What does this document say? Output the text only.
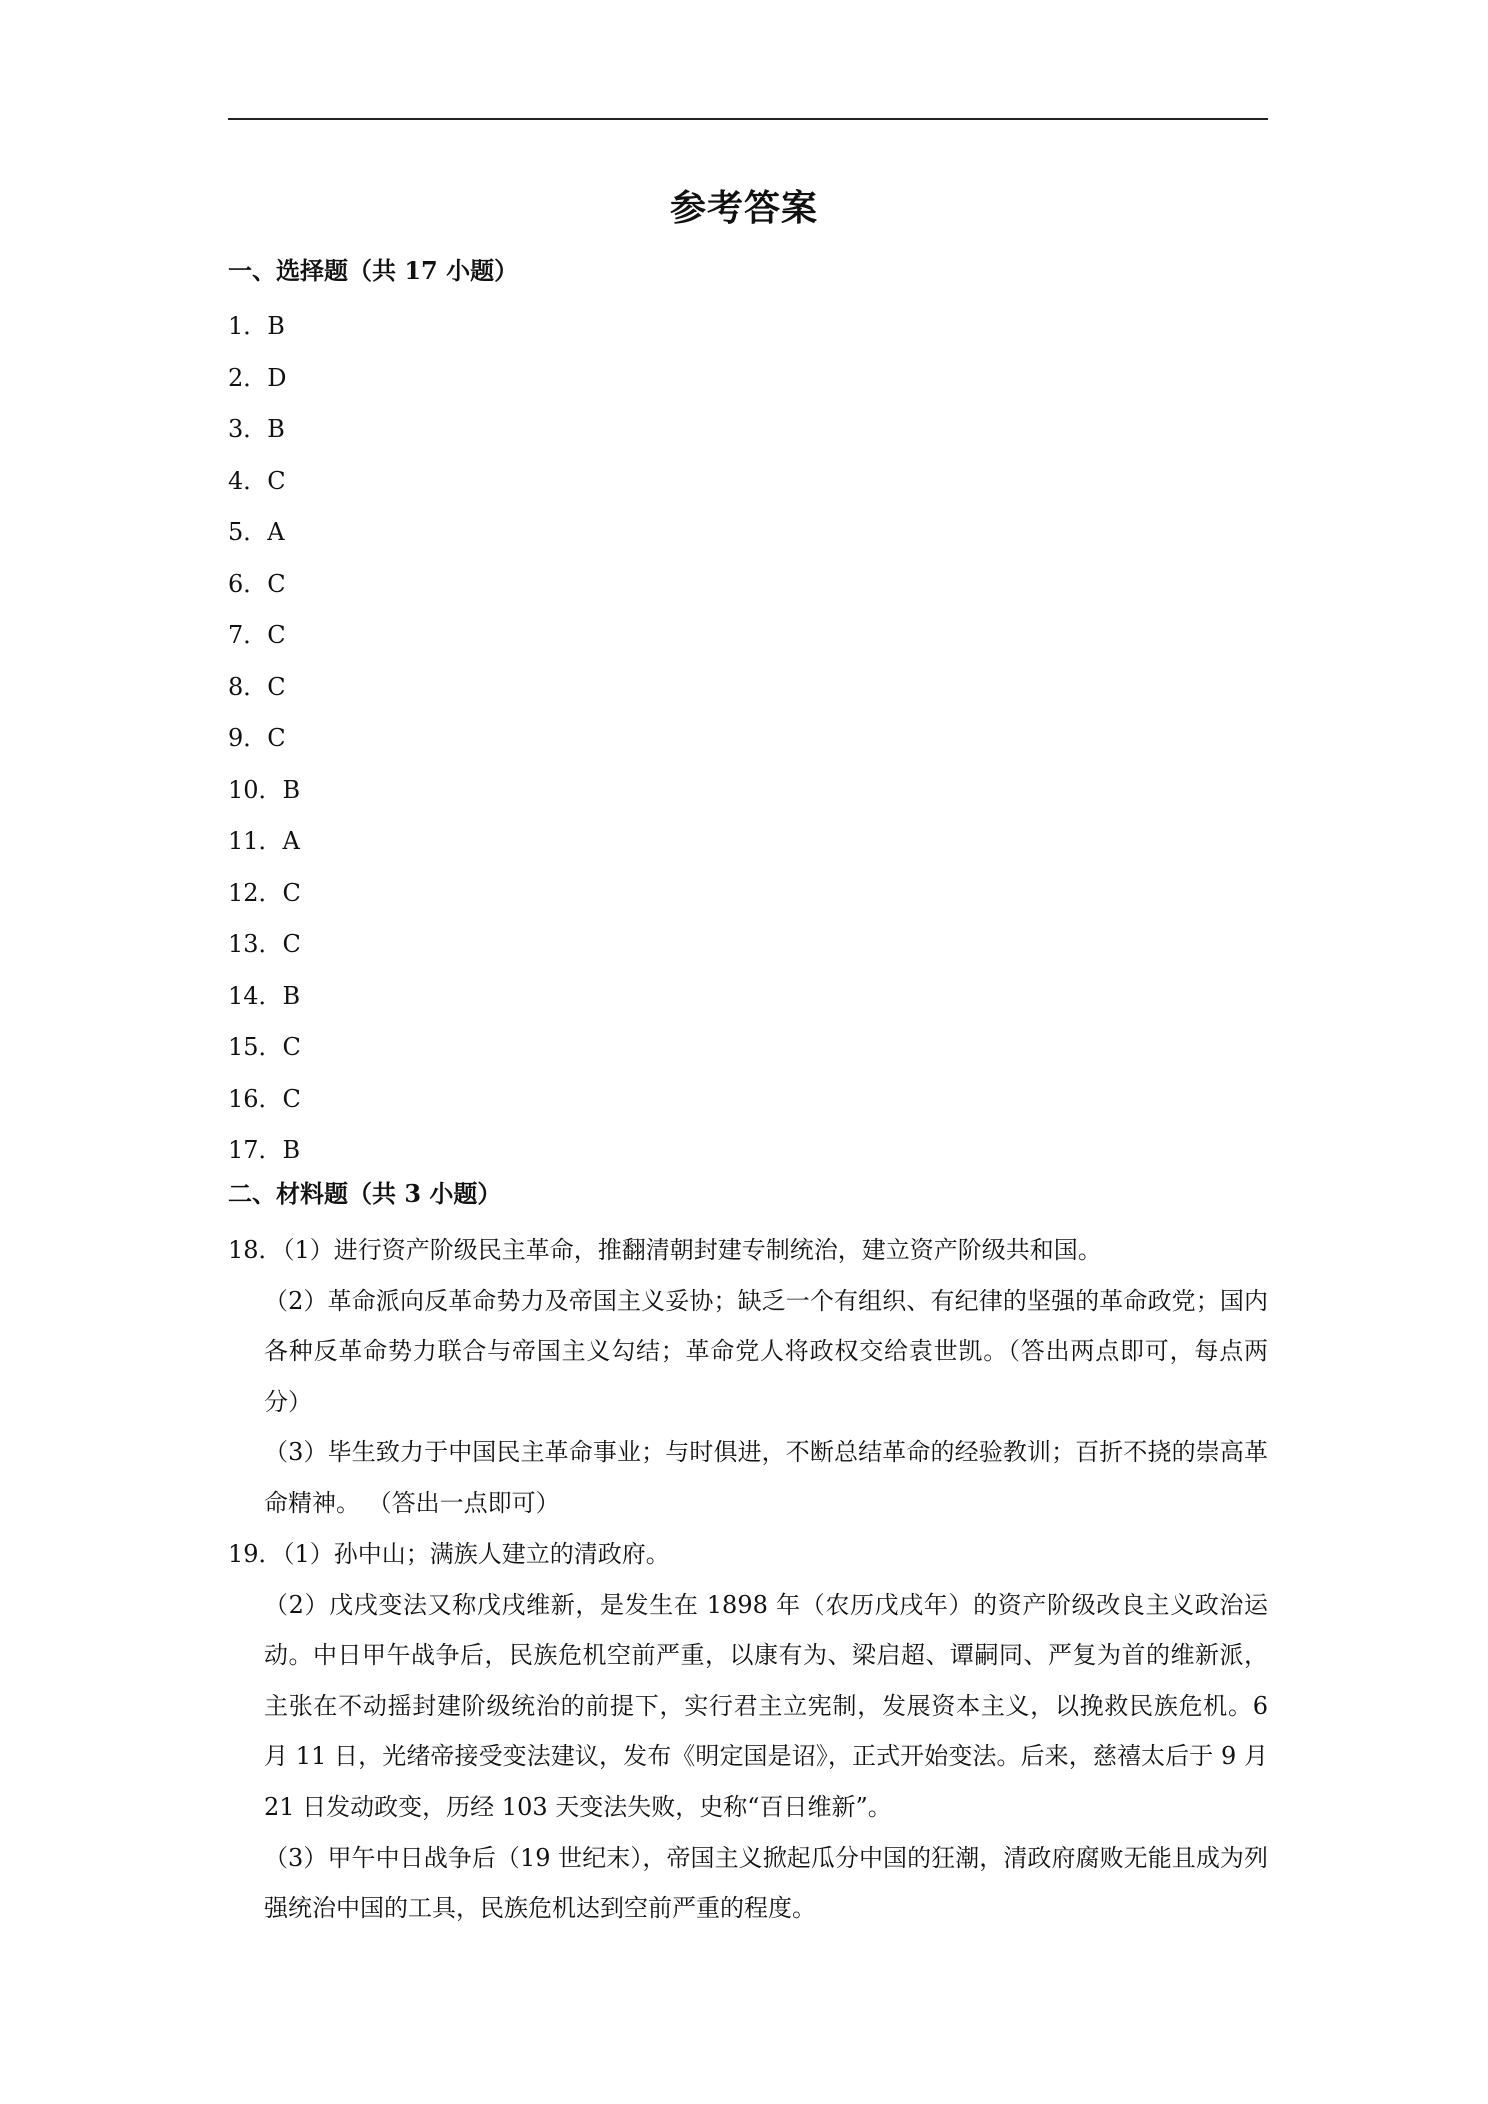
参考答案
一、选择题（共 17 小题）
1．B
2．D
3．B
4．C
5．A
6．C
7．C
8．C
9．C
10．B
11．A
12．C
13．C
14．B
15．C
16．C
17．B
二、材料题（共 3 小题）

18．（1）进行资产阶级民主革命，推翻清朝封建专制统治，建立资产阶级共和国。

（2）革命派向反革命势力及帝国主义妥协；缺乏一个有组织、有纪律的坚强的革命政党；国内各种反革命势力联合与帝国主义勾结；革命党人将政权交给袁世凯。（答出两点即可，每点两分）

（3）毕生致力于中国民主革命事业；与时俱进，不断总结革命的经验教训；百折不挠的崇高革命精神。 （答出一点即可）

19．（1）孙中山；满族人建立的清政府。

（2）戊戌变法又称戊戌维新，是发生在 1898 年（农历戊戌年）的资产阶级改良主义政治运动。中日甲午战争后，民族危机空前严重，以康有为、梁启超、谭嗣同、严复为首的维新派，主张在不动摇封建阶级统治的前提下，实行君主立宪制，发展资本主义，以挽救民族危机。6 月 11 日，光绪帝接受变法建议，发布《明定国是诏》，正式开始变法。后来，慈禧太后于 9 月 21 日发动政变，历经 103 天变法失败，史称“百日维新”。

（3）甲午中日战争后（19 世纪末），帝国主义掀起瓜分中国的狂潮，清政府腐败无能且成为列强统治中国的工具，民族危机达到空前严重的程度。
